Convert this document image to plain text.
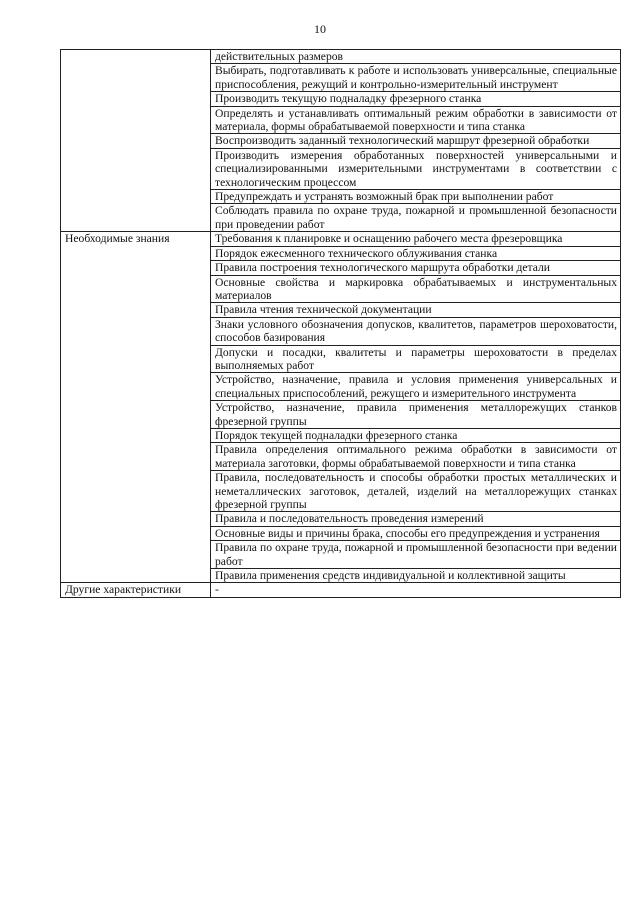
10
	действительных размеров
	Выбирать, подготавливать к работе и использовать универсальные, специальные приспособления, режущий и контрольно-измерительный инструмент
	Производить текущую подналадку фрезерного станка
	Определять и устанавливать оптимальный режим обработки в зависимости от материала, формы обрабатываемой поверхности и типа станка
	Воспроизводить заданный технологический маршрут фрезерной обработки
	Производить измерения обработанных поверхностей универсальными и специализированными измерительными инструментами в соответствии с технологическим процессом
	Предупреждать и устранять возможный брак при выполнении работ
	Соблюдать правила по охране труда, пожарной и промышленной безопасности при проведении работ
Необходимые знания	Требования к планировке и оснащению рабочего места фрезеровщика
	Порядок ежесменного технического облуживания станка
	Правила построения технологического маршрута обработки детали
	Основные свойства и маркировка обрабатываемых и инструментальных материалов
	Правила чтения технической документации
	Знаки условного обозначения допусков, квалитетов, параметров шероховатости, способов базирования
	Допуски и посадки, квалитеты и параметры шероховатости в пределах выполняемых работ
	Устройство, назначение, правила и условия применения универсальных и специальных приспособлений, режущего и измерительного инструмента
	Устройство, назначение, правила применения металлорежущих станков фрезерной группы
	Порядок текущей подналадки фрезерного станка
	Правила определения оптимального режима обработки в зависимости от материала заготовки, формы обрабатываемой поверхности и типа станка
	Правила, последовательность и способы обработки простых металлических и неметаллических заготовок, деталей, изделий на металлорежущих станках фрезерной группы
	Правила и последовательность проведения измерений
	Основные виды и причины брака, способы его предупреждения и устранения
	Правила по охране труда, пожарной и промышленной безопасности при ведении работ
	Правила применения средств индивидуальной и коллективной защиты
Другие характеристики	-
